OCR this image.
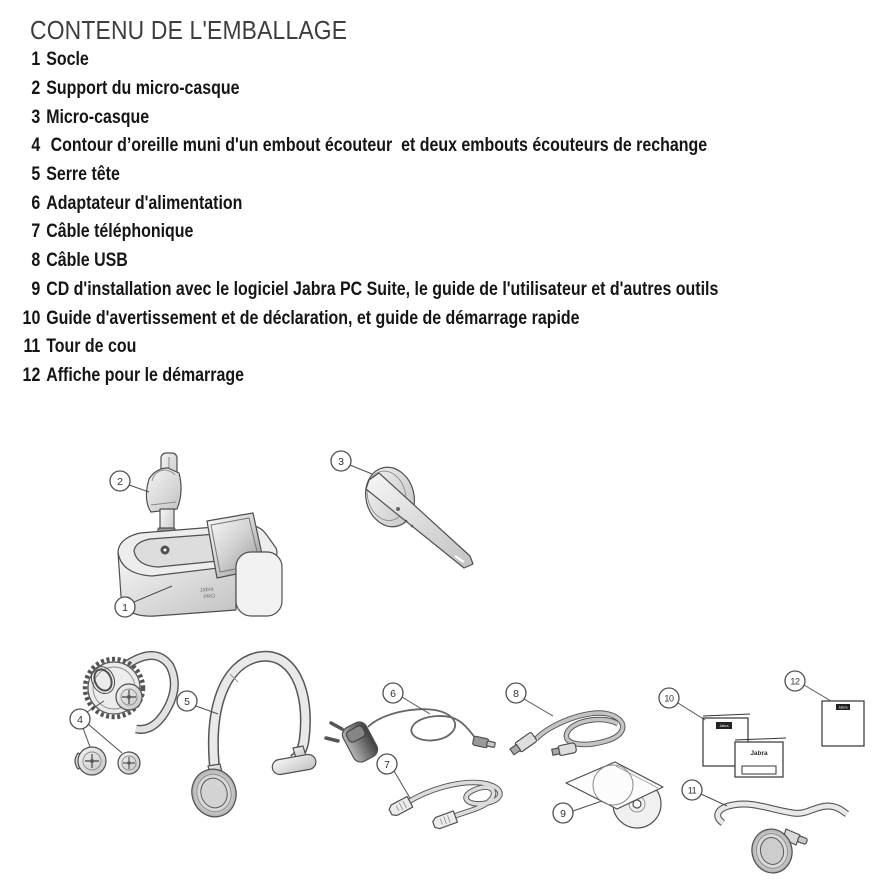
CONTENU DE L'EMBALLAGE
1 Socle
2 Support du micro-casque
3 Micro-casque
4 Contour d’oreille muni d'un embout écouteur  et deux embouts écouteurs de rechange
5 Serre tête
6 Adaptateur d'alimentation
7 Câble téléphonique
8 Câble USB
9 CD d'installation avec le logiciel Jabra PC Suite, le guide de l'utilisateur et d'autres outils
10 Guide d'avertissement et de déclaration, et guide de démarrage rapide
11 Tour de cou
12 Affiche pour le démarrage
Jabra
PRO
2
1
3
4
5
6
7
8
9
Jabra
Jabra
10
Jabra
12
11
